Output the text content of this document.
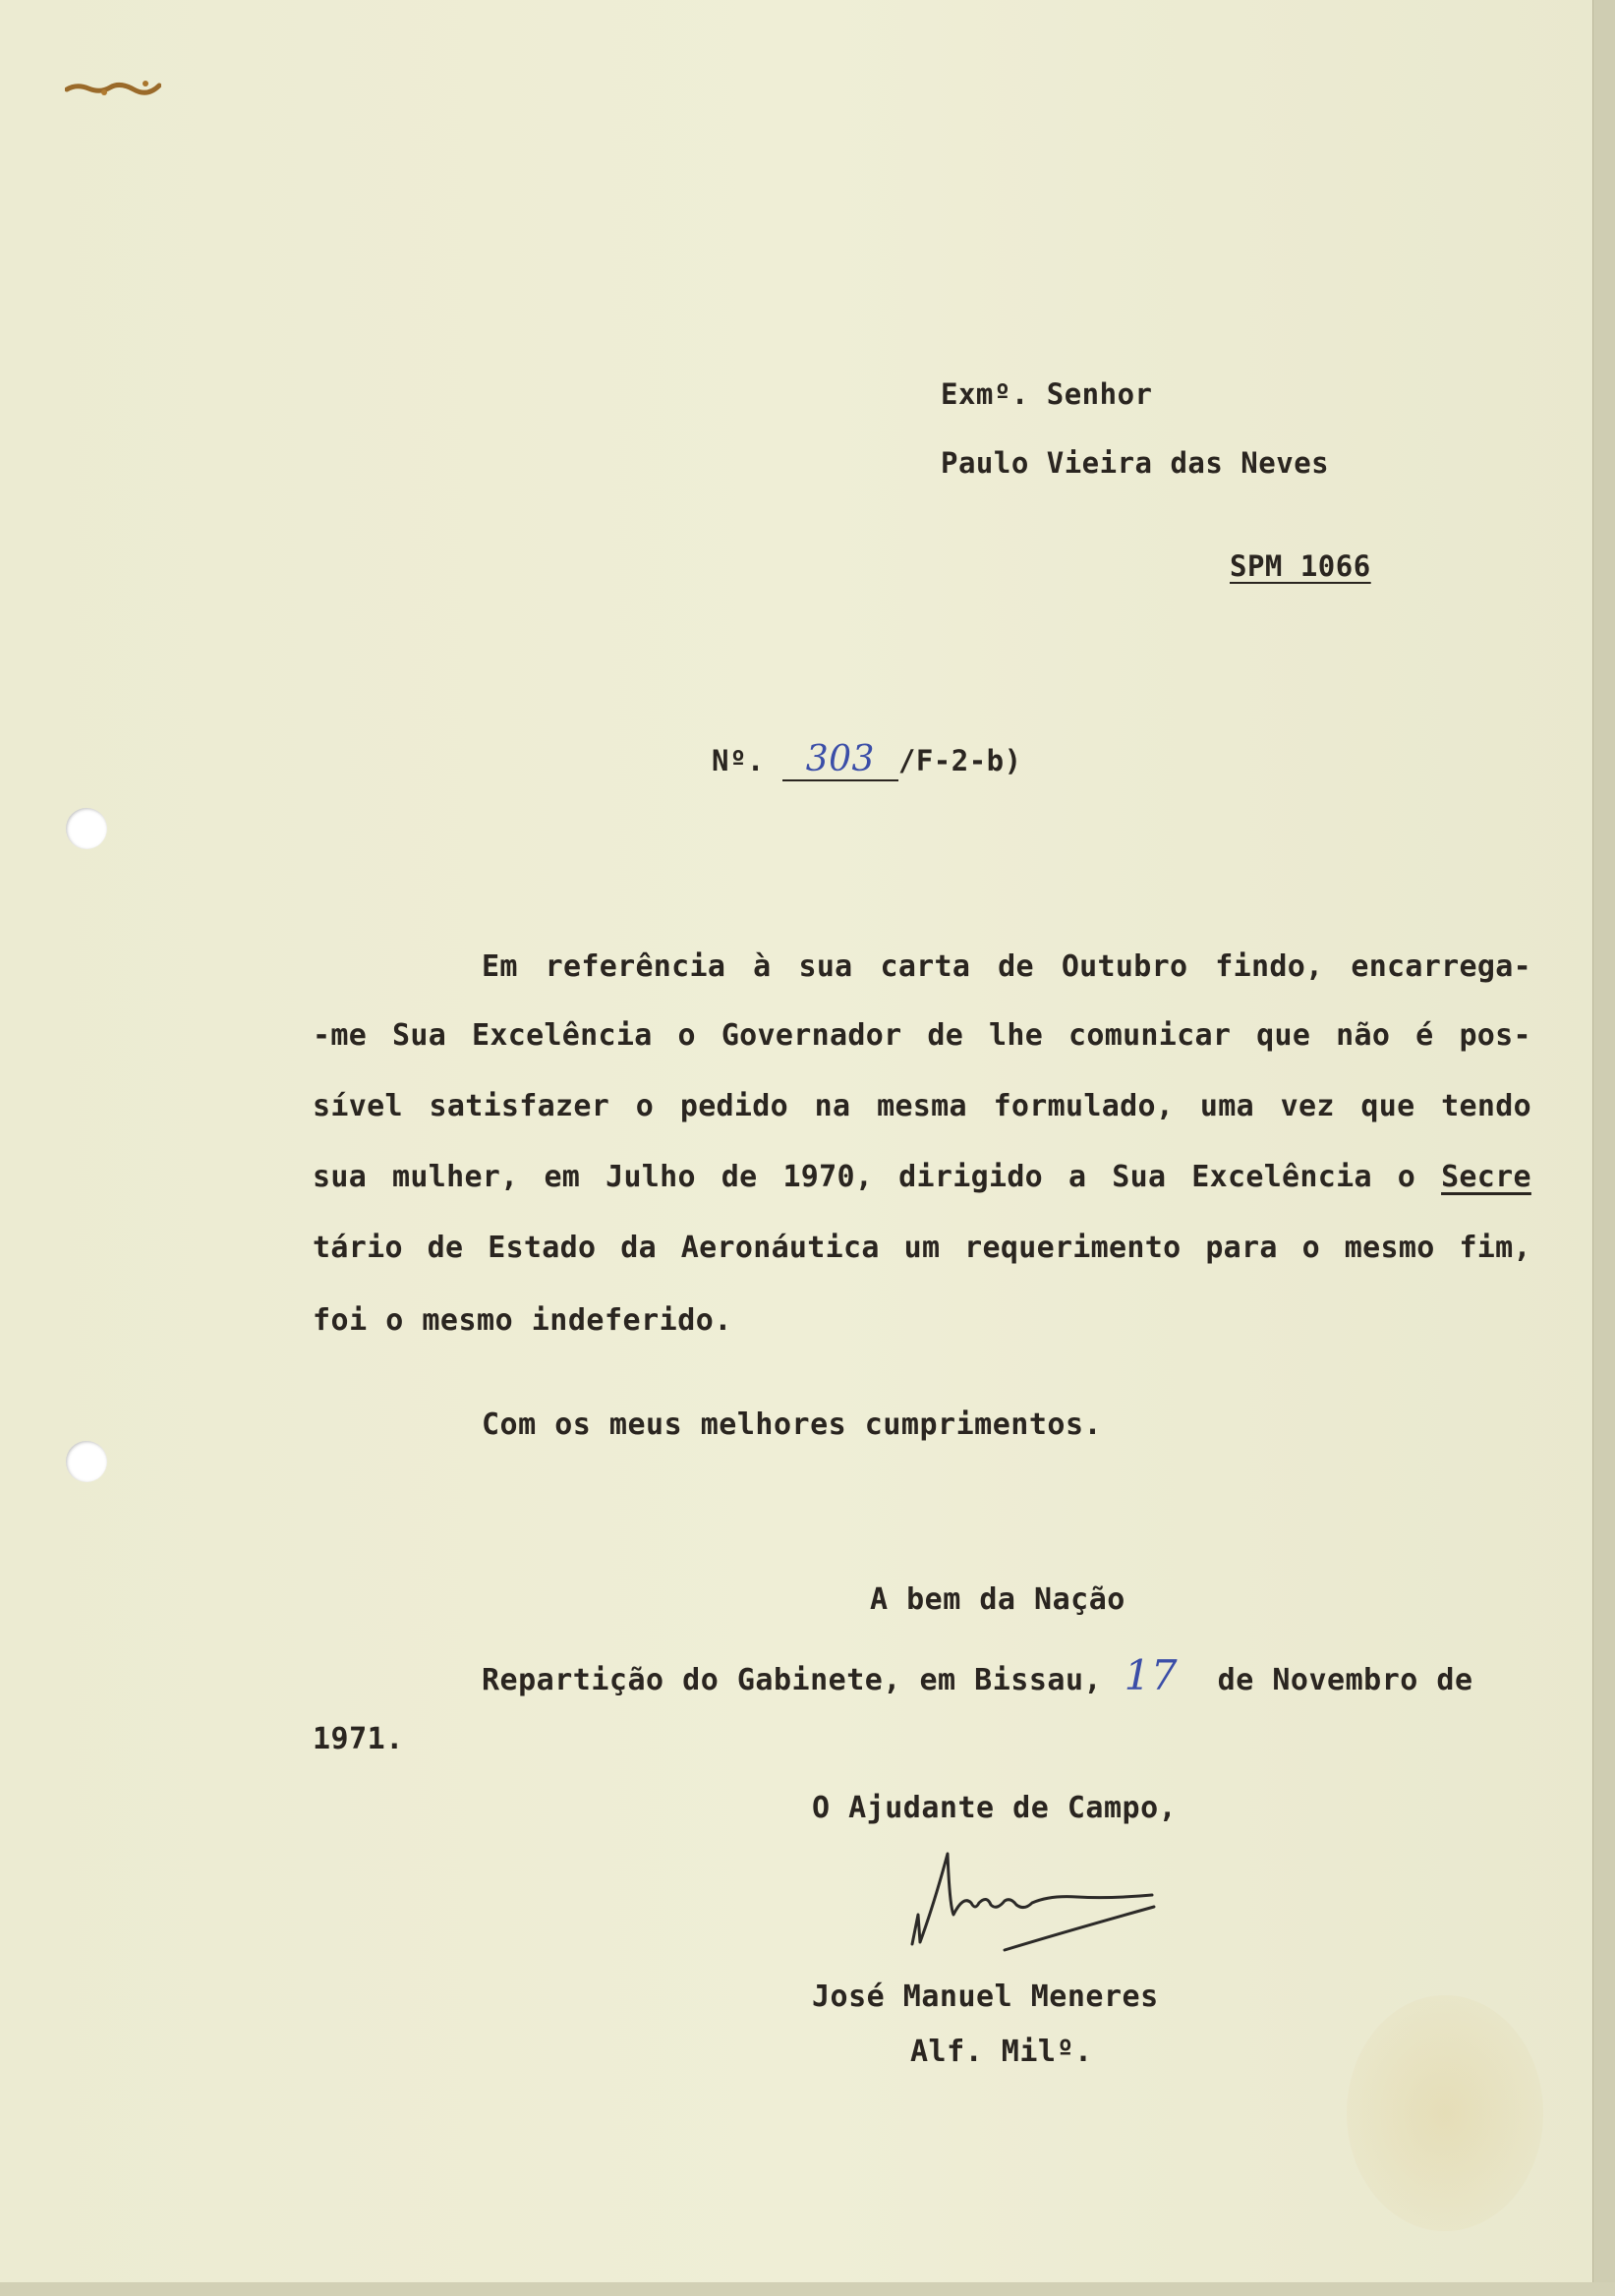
Exmº. Senhor
Paulo Vieira das Neves
SPM 1066
Nº. 303 /F-2-b)
Em referência à sua carta de Outubro findo, encarrega-
-me Sua Excelência o Governador de lhe comunicar que não é pos-
sível satisfazer o pedido na mesma formulado, uma vez que tendo
sua mulher, em Julho de 1970, dirigido a Sua Excelência o Secre
tário de Estado da Aeronáutica um requerimento para o mesmo fim,
foi o mesmo indeferido.
Com os meus melhores cumprimentos.
A bem da Nação
Repartição do Gabinete, em Bissau, 17 de Novembro de
1971.
O Ajudante de Campo,
José Manuel Meneres
Alf. Milº.
